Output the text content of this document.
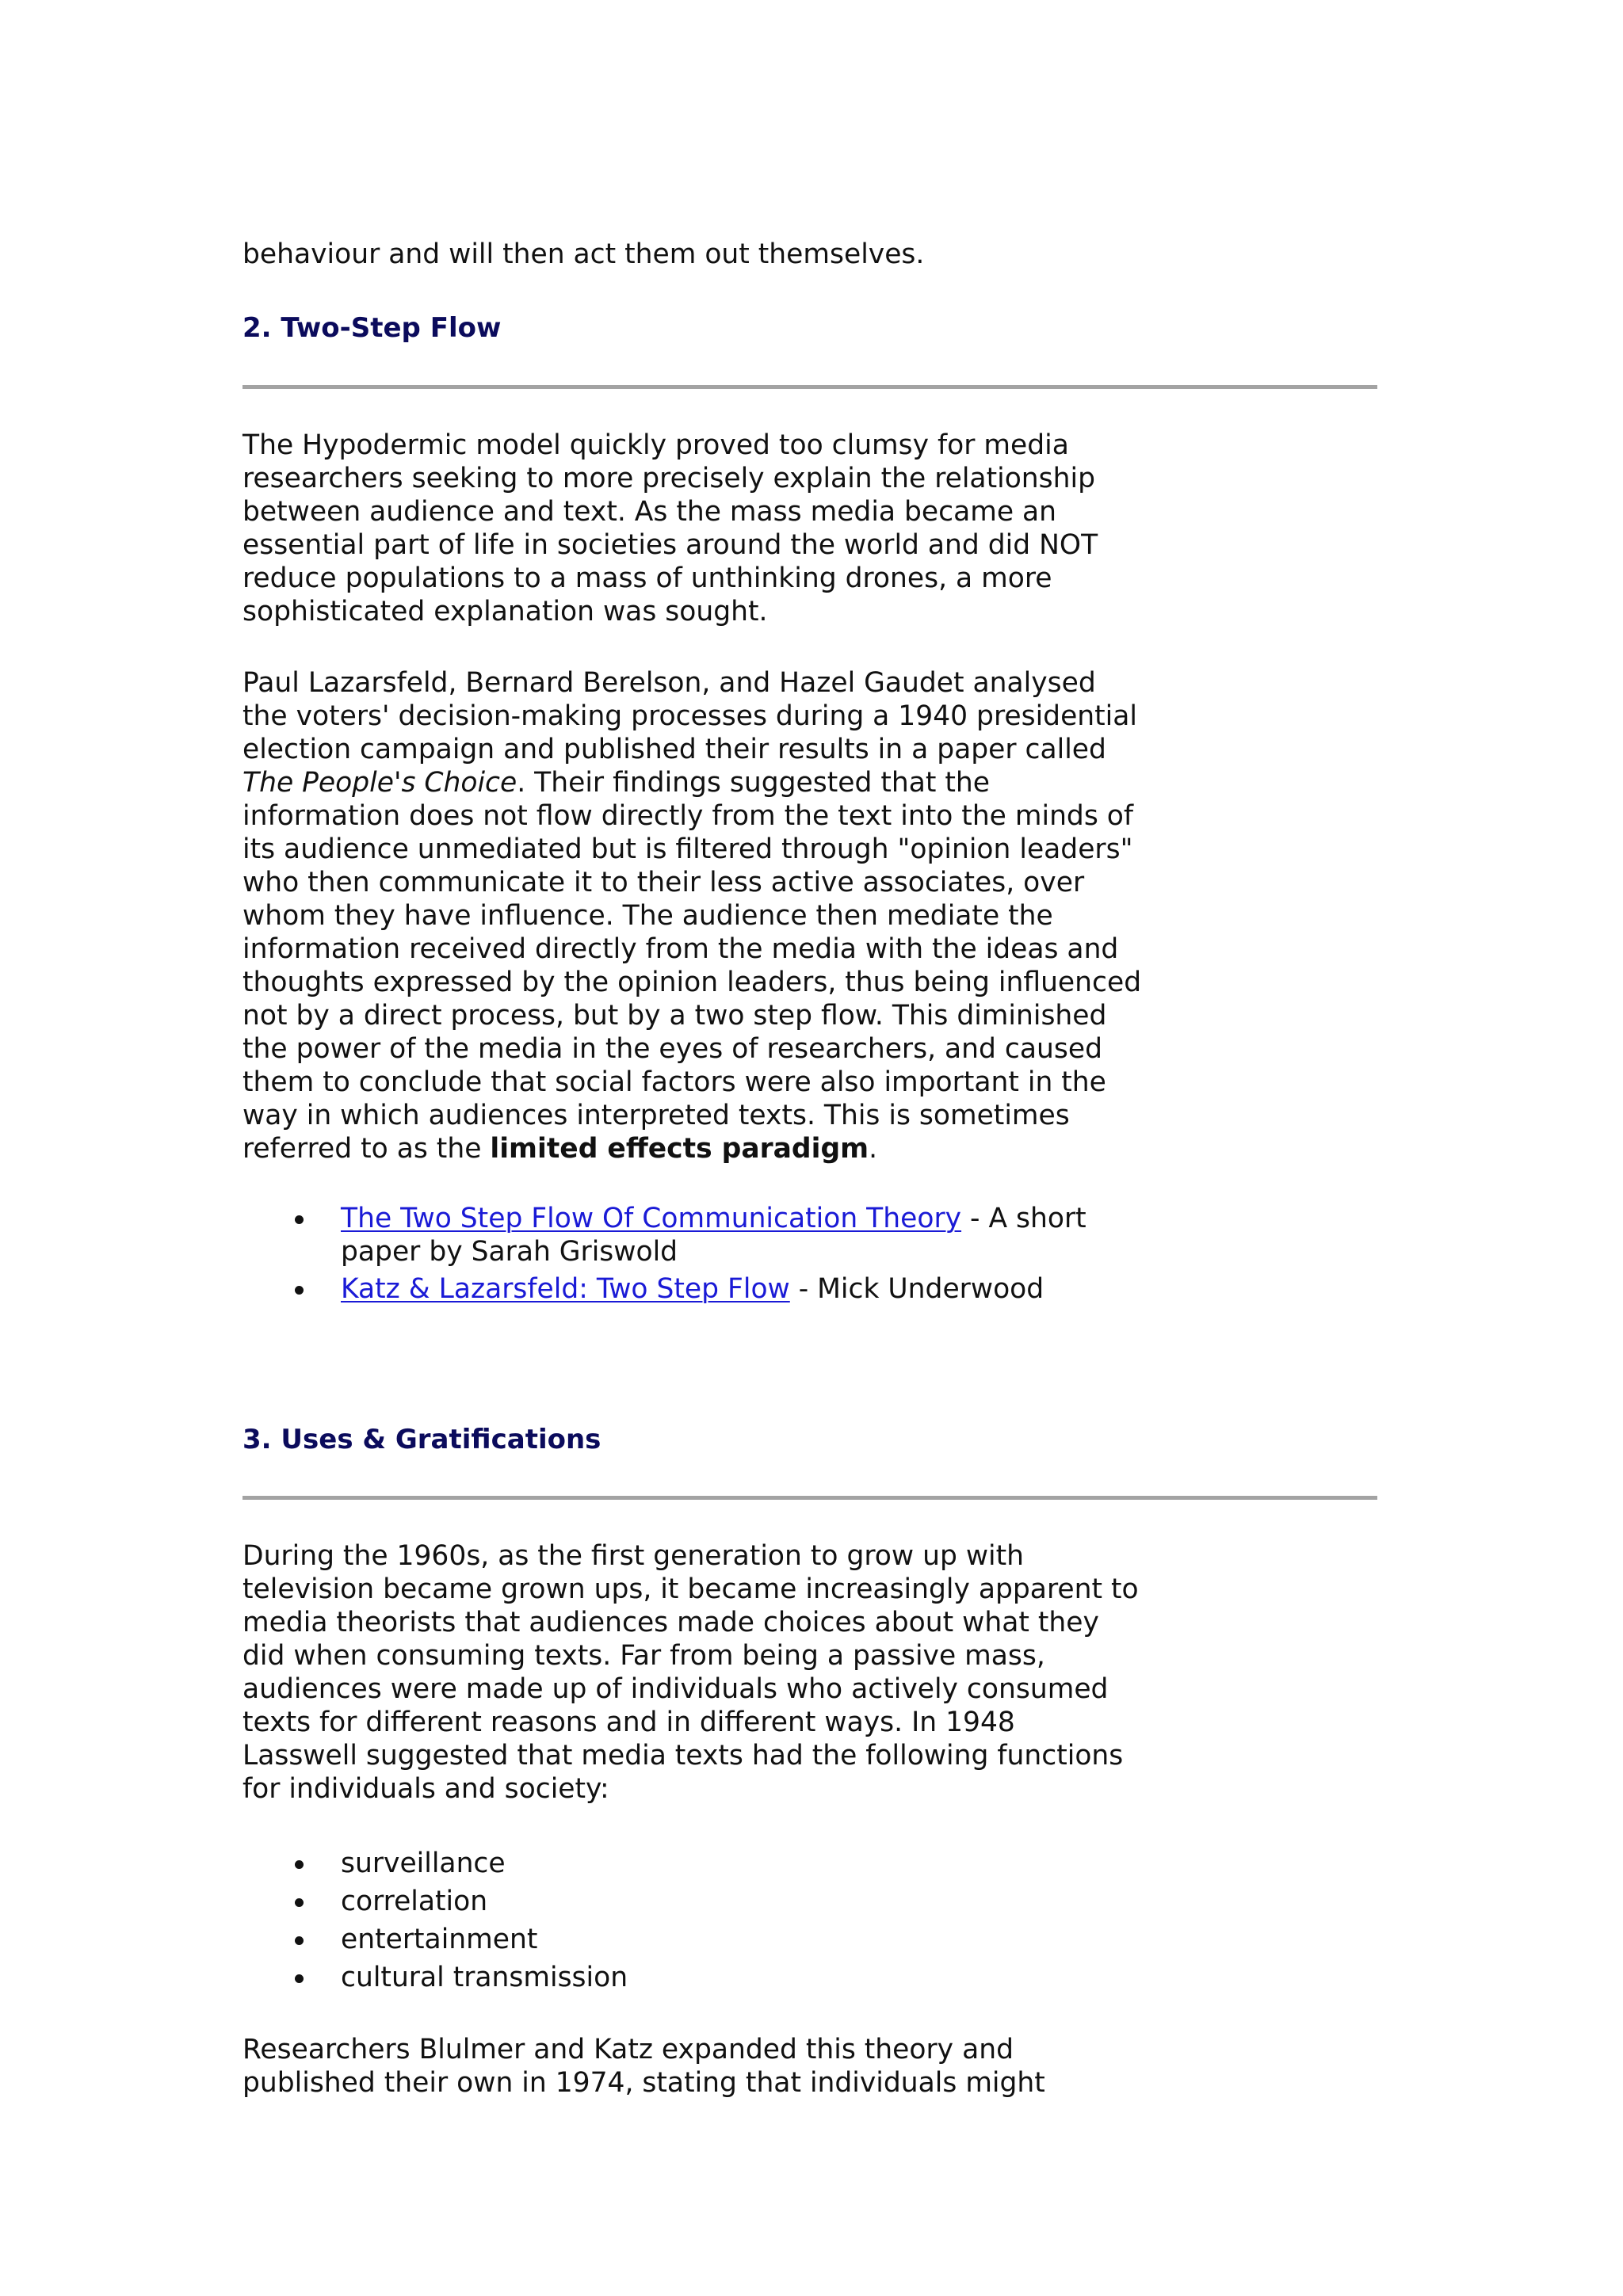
behaviour and will then act them out themselves.

2. Two-Step Flow

The Hypodermic model quickly proved too clumsy for media
researchers seeking to more precisely explain the relationship
between audience and text. As the mass media became an
essential part of life in societies around the world and did NOT
reduce populations to a mass of unthinking drones, a more
sophisticated explanation was sought.

Paul Lazarsfeld, Bernard Berelson, and Hazel Gaudet analysed
the voters' decision-making processes during a 1940 presidential
election campaign and published their results in a paper called
The People's Choice. Their findings suggested that the
information does not flow directly from the text into the minds of
its audience unmediated but is filtered through "opinion leaders"
who then communicate it to their less active associates, over
whom they have influence. The audience then mediate the
information received directly from the media with the ideas and
thoughts expressed by the opinion leaders, thus being influenced
not by a direct process, but by a two step flow. This diminished
the power of the media in the eyes of researchers, and caused
them to conclude that social factors were also important in the
way in which audiences interpreted texts. This is sometimes
referred to as the limited effects paradigm.

The Two Step Flow Of Communication Theory - A short
paper by Sarah Griswold
Katz & Lazarsfeld: Two Step Flow - Mick Underwood
3. Uses & Gratifications

During the 1960s, as the first generation to grow up with
television became grown ups, it became increasingly apparent to
media theorists that audiences made choices about what they
did when consuming texts. Far from being a passive mass,
audiences were made up of individuals who actively consumed
texts for different reasons and in different ways. In 1948
Lasswell suggested that media texts had the following functions
for individuals and society:

surveillance
correlation
entertainment
cultural transmission

Researchers Blulmer and Katz expanded this theory and
published their own in 1974, stating that individuals might
